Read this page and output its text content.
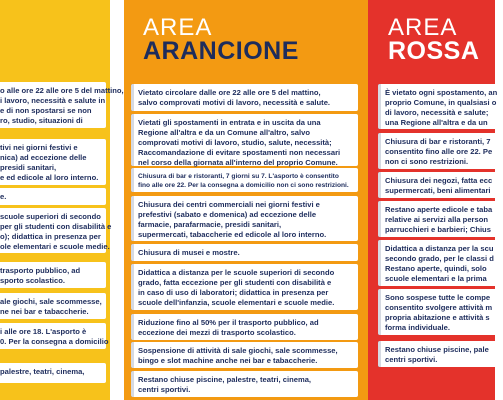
AREA
ARANCIONE
AREA
ROSSA
o alle ore 22 alle ore 5 del mattino,
i lavoro, necessità e salute in
e di non spostarsi se non
ro, studio, situazioni di
tivi nei giorni festivi e
nica) ad eccezione delle
presidi sanitari,
e ed edicole al loro interno.
e.
scuole superiori di secondo
per gli studenti con disabilità e
o); didattica in presenza per
ole elementari e scuole medie.
trasporto pubblico, ad
sporto scolastico.
ale giochi, sale scommesse,
ne nei bar e tabaccherie.
i alle ore 18. L'asporto è
0. Per la consegna a domicilio
palestre, teatri, cinema,
Vietato circolare dalle ore 22 alle ore 5 del mattino,
salvo comprovati motivi di lavoro, necessità e salute.
Vietati gli spostamenti in entrata e in uscita da una
Regione all'altra e da un Comune all'altro, salvo
comprovati motivi di lavoro, studio, salute, necessità;
Raccomandazione di evitare spostamenti non necessari
nel corso della giornata all'interno del proprio Comune.
Chiusura di bar e ristoranti, 7 giorni su 7. L'asporto è consentito
fino alle ore 22. Per la consegna a domicilio non ci sono restrizioni.
Chiusura dei centri commerciali nei giorni festivi e
prefestivi (sabato e domenica) ad eccezione delle
farmacie, parafarmacie, presidi sanitari,
supermercati, tabaccherie ed edicole al loro interno.
Chiusura di musei e mostre.
Didattica a distanza per le scuole superiori di secondo
grado, fatta eccezione per gli studenti con disabilità e
in caso di uso di laboratori; didattica in presenza per
scuole dell'infanzia, scuole elementari e scuole medie.
Riduzione fino al 50% per il trasporto pubblico, ad
eccezione dei mezzi di trasporto scolastico.
Sospensione di attività di sale giochi, sale scommesse,
bingo e slot machine anche nei bar e tabaccherie.
Restano chiuse piscine, palestre, teatri, cinema,
centri sportivi.
È vietato ogni spostamento, an
proprio Comune, in qualsiasi o
di lavoro, necessità e salute;
una Regione all'altra e da un
Chiusura di bar e ristoranti, 7
consentito fino alle ore 22. Pe
non ci sono restrizioni.
Chiusura dei negozi, fatta ecc
supermercati, beni alimentari
Restano aperte edicole e taba
relative ai servizi alla person
parrucchieri e barbieri; Chius
Didattica a distanza per la scu
secondo grado, per le classi d
Restano aperte, quindi, solo
scuole elementari e la prima
Sono sospese tutte le compe
consentito svolgere attività m
propria abitazione e attività s
forma individuale.
Restano chiuse piscine, pale
centri sportivi.
